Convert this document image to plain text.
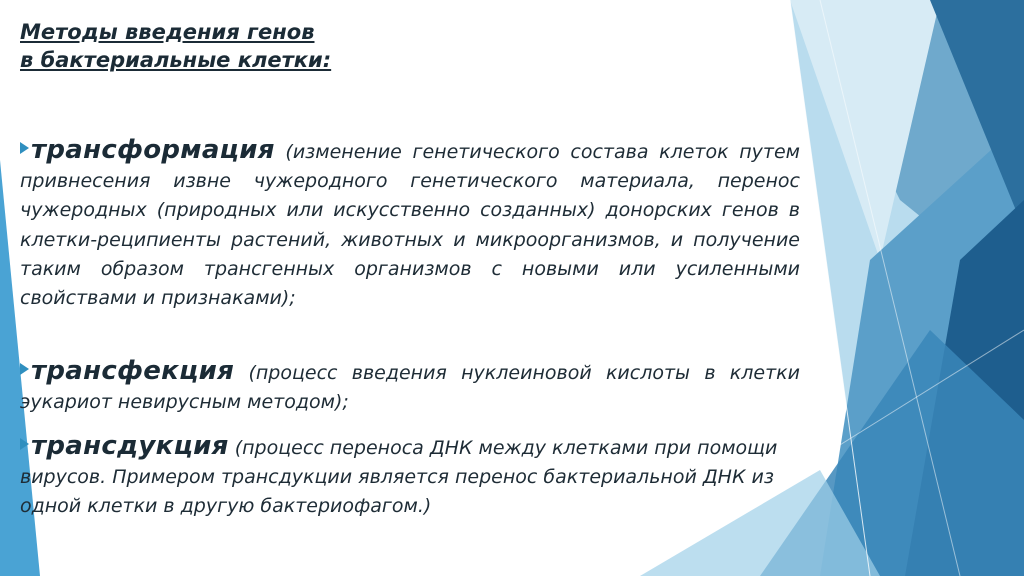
Методы введения генов
в бактериальные клетки:
трансформация (изменение генетического состава клеток путем привнесения извне чужеродного генетического материала, перенос чужеродных (природных или искусственно созданных) донорских генов в клетки-реципиенты растений, животных и микроорганизмов, и получение таким образом трансгенных организмов с новыми или усиленными свойствами и признаками);
трансфекция (процесс введения нуклеиновой кислоты в клетки эукариот невирусным методом);
трансдукция (процесс переноса ДНК между клетками при помощи вирусов. Примером трансдукции является перенос бактериальной ДНК из одной клетки в другую бактериофагом.)
